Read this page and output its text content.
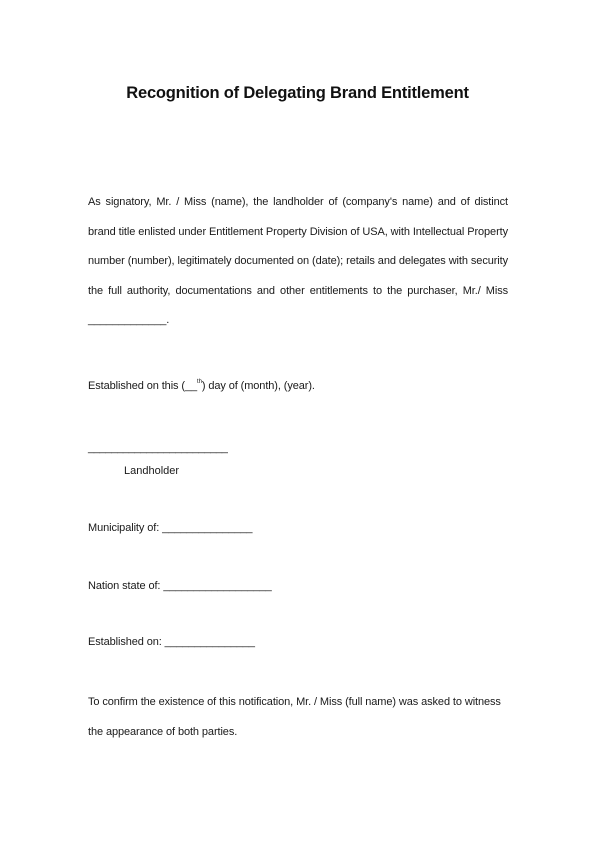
Recognition of Delegating Brand Entitlement
As signatory, Mr. / Miss (name), the landholder of (company's name) and of distinct brand title enlisted under Entitlement Property Division of USA, with Intellectual Property number (number), legitimately documented on (date); retails and delegates with security the full authority, documentations and other entitlements to the purchaser, Mr./ Miss _____________.
Established on this (__$^{th}$) day of (month), (year).
________________________
Landholder
Municipality of: _______________
Nation state of: __________________
Established on: _______________
To confirm the existence of this notification, Mr. / Miss (full name) was asked to witness the appearance of both parties.
